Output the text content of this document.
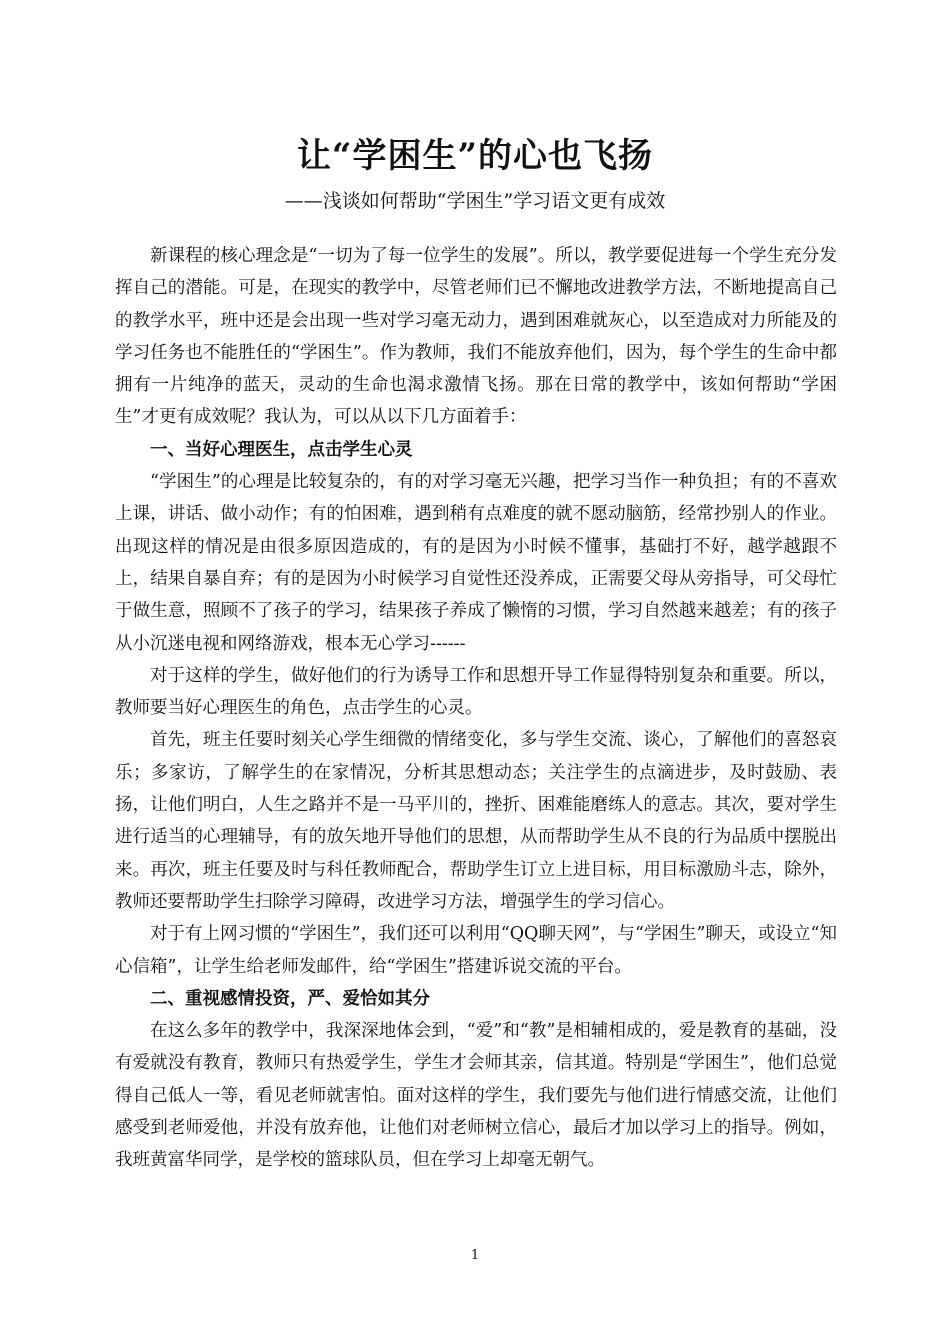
让“学困生”的心也飞扬
——浅谈如何帮助“学困生”学习语文更有成效

新课程的核心理念是“一切为了每一位学生的发展”。所以，教学要促进每一个学生充分发挥自己的潜能。可是，在现实的教学中，尽管老师们已不懈地改进教学方法，不断地提高自己的教学水平，班中还是会出现一些对学习毫无动力，遇到困难就灰心，以至造成对力所能及的学习任务也不能胜任的“学困生”。作为教师，我们不能放弃他们，因为，每个学生的生命中都拥有一片纯净的蓝天，灵动的生命也渴求激情飞扬。那在日常的教学中，该如何帮助“学困生”才更有成效呢？我认为，可以从以下几方面着手：

一、当好心理医生，点击学生心灵

“学困生”的心理是比较复杂的，有的对学习毫无兴趣，把学习当作一种负担；有的不喜欢上课，讲话、做小动作；有的怕困难，遇到稍有点难度的就不愿动脑筋，经常抄别人的作业。出现这样的情况是由很多原因造成的，有的是因为小时候不懂事，基础打不好，越学越跟不上，结果自暴自弃；有的是因为小时候学习自觉性还没养成，正需要父母从旁指导，可父母忙于做生意，照顾不了孩子的学习，结果孩子养成了懒惰的习惯，学习自然越来越差；有的孩子从小沉迷电视和网络游戏，根本无心学习------

对于这样的学生，做好他们的行为诱导工作和思想开导工作显得特别复杂和重要。所以，教师要当好心理医生的角色，点击学生的心灵。

首先，班主任要时刻关心学生细微的情绪变化，多与学生交流、谈心，了解他们的喜怒哀乐；多家访，了解学生的在家情况，分析其思想动态；关注学生的点滴进步，及时鼓励、表扬，让他们明白，人生之路并不是一马平川的，挫折、困难能磨练人的意志。其次，要对学生进行适当的心理辅导，有的放矢地开导他们的思想，从而帮助学生从不良的行为品质中摆脱出来。再次，班主任要及时与科任教师配合，帮助学生订立上进目标，用目标激励斗志，除外，教师还要帮助学生扫除学习障碍，改进学习方法，增强学生的学习信心。

对于有上网习惯的“学困生”，我们还可以利用“QQ聊天网”，与“学困生”聊天，或设立“知心信箱”，让学生给老师发邮件，给“学困生”搭建诉说交流的平台。

二、重视感情投资，严、爱恰如其分

在这么多年的教学中，我深深地体会到，“爱”和“教”是相辅相成的，爱是教育的基础，没有爱就没有教育，教师只有热爱学生，学生才会师其亲，信其道。特别是“学困生”，他们总觉得自己低人一等，看见老师就害怕。面对这样的学生，我们要先与他们进行情感交流，让他们感受到老师爱他，并没有放弃他，让他们对老师树立信心，最后才加以学习上的指导。例如，我班黄富华同学，是学校的篮球队员，但在学习上却毫无朝气。

1
